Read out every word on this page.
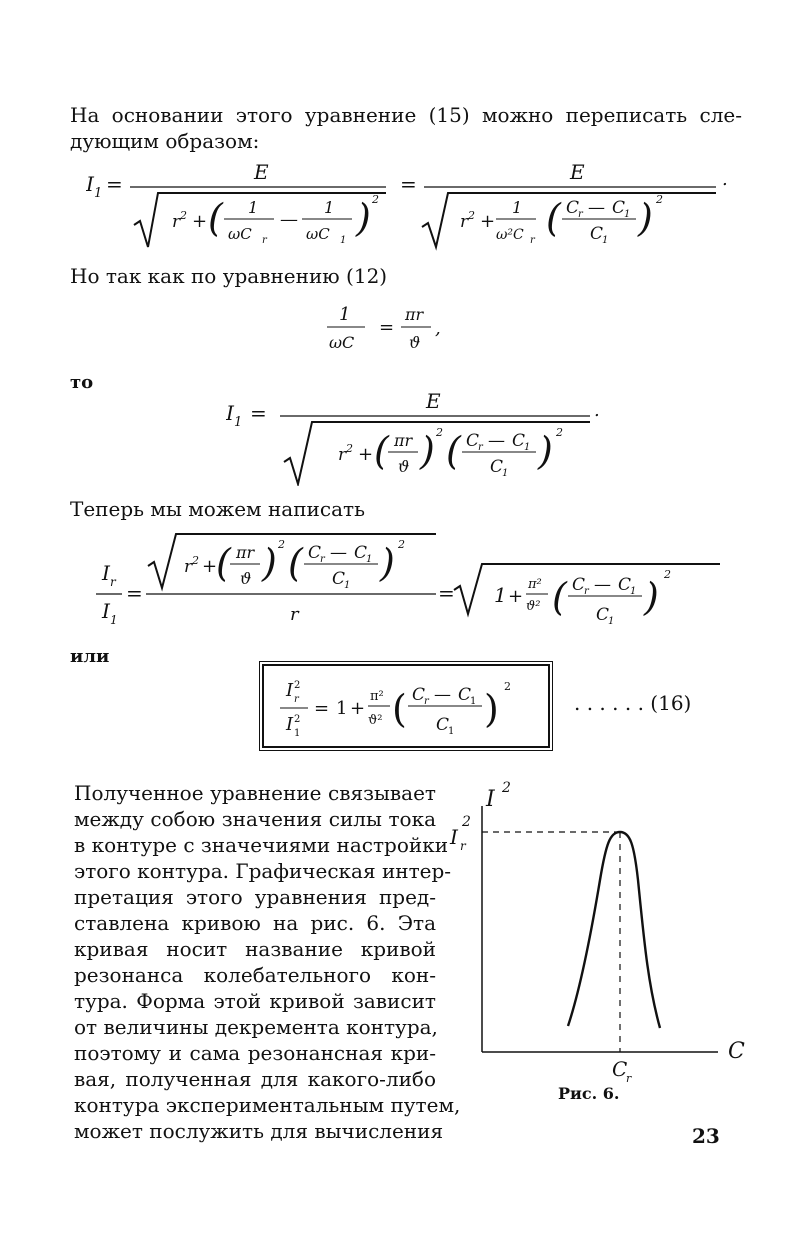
На основании этого уравнение (15) можно переписать сле-
дующим образом:
I 1 =	E
r 2 + ( 1
ωC r
—
1
ωC 1
) 2
=	E
r 2 +
1
ω²C r
( C
r — C
1
C
1
) 2
.
Но так как по уравнению (12)
1
ωC
=
πr
ϑ
,
то
I 1 =	E
r 2 + ( πr
ϑ ) 2 ( C
r — C
1
C
1
) 2
.
Теперь мы можем написать
I r
I 1
=
r 2 +
( πr
ϑ ) 2 ( C
r — C
1
C
1
) 2
r
= 1 +
π²
ϑ² ( C
r — C
1
C
1
)
2
или
I 2
r
I 2
1
= 1 +
π²
ϑ² ( C
r — C
1
C
1
)
2
. . . . . . (16)
Полученное уравнение связывает
между собою значения силы тока
в контуре с значечиями настройки
этого контура. Графическая интер-
претация этого уравнения пред-
ставлена кривою на рис. 6. Эта
кривая носит название кривой
резонанса колебательного кон-
тура. Форма этой кривой зависит
от величины декремента контура,
поэтому и сама резонансная кри-
вая, полученная для какого-либо
контура экспериментальным путем,
может послужить для вычисления
I 2
I r
2
C
C
r
Рис. 6.
23
